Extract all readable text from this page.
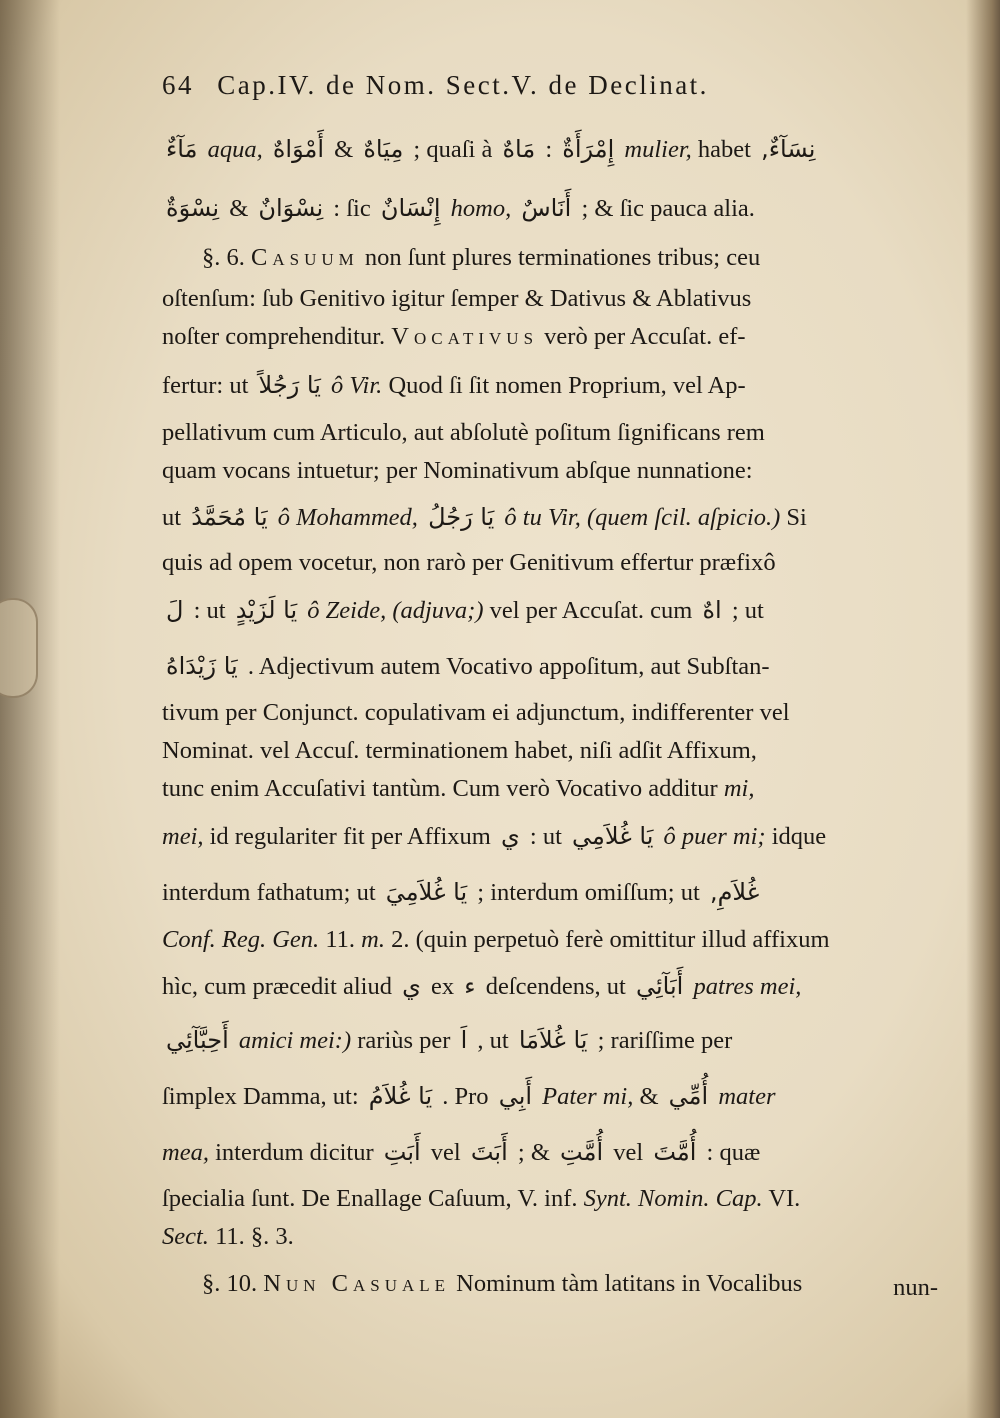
64 Cap.IV. de Nom. Sect.V. de Declinat.
مَآءٌ aqua, أَمْوَاهٌ & مِيَاهٌ ; quaſi à مَاهٌ : إِمْرَأَةٌ mulier, habet نِسَآءٌ,
نِسْوَةٌ & نِسْوَانٌ : ſic إِنْسَانٌ homo, أَنَاسٌ ; & ſic pauca alia.
§. 6. Casuum non ſunt plures terminationes tribus; ceu
oſtenſum: ſub Genitivo igitur ſemper & Dativus & Ablativus
noſter comprehenditur. Vocativus verò per Accuſat. ef-
fertur: ut يَا رَجُلاً ô Vir. Quod ſi ſit nomen Proprium, vel Ap-
pellativum cum Articulo, aut abſolutè poſitum ſignificans rem
quam vocans intuetur; per Nominativum abſque nunnatione:
ut يَا مُحَمَّدُ ô Mohammed, يَا رَجُلُ ô tu Vir, (quem ſcil. aſpicio.) Si
quis ad opem vocetur, non rarò per Genitivum effertur præfixô
لَ : ut يَا لَزَيْدٍ ô Zeide, (adjuva;) vel per Accuſat. cum اهٌ ; ut
يَا زَيْدَاهُ . Adjectivum autem Vocativo appoſitum, aut Subſtan-
tivum per Conjunct. copulativam ei adjunctum, indifferenter vel
Nominat. vel Accuſ. terminationem habet, niſi adſit Affixum,
tunc enim Accuſativi tantùm. Cum verò Vocativo additur mi,
mei, id regulariter fit per Affixum ي : ut يَا غُلاَمِي ô puer mi; idque
interdum fathatum; ut يَا غُلاَمِيَ ; interdum omiſſum; ut غُلاَمِ,
Conf. Reg. Gen. 11. m. 2. (quin perpetuò ferè omittitur illud affixum
hìc, cum præcedit aliud ي ex ء deſcendens, ut أَبَآئِي patres mei,
أَحِبَّآئِي amici mei:) rariùs per اَ , ut يَا غُلاَمَا ; rariſſime per
ſimplex Damma, ut: يَا غُلاَمُ . Pro أَبِي Pater mi, & أُمِّي mater
mea, interdum dicitur أَبَتِ vel أَبَتَ ; & أُمَّتِ vel أُمَّتَ : quæ
ſpecialia ſunt. De Enallage Caſuum, V. inf. Synt. Nomin. Cap. VI.
Sect. 11. §. 3.
§. 10. Nun Casuale Nominum tàm latitans in Vocalibus	nun-
